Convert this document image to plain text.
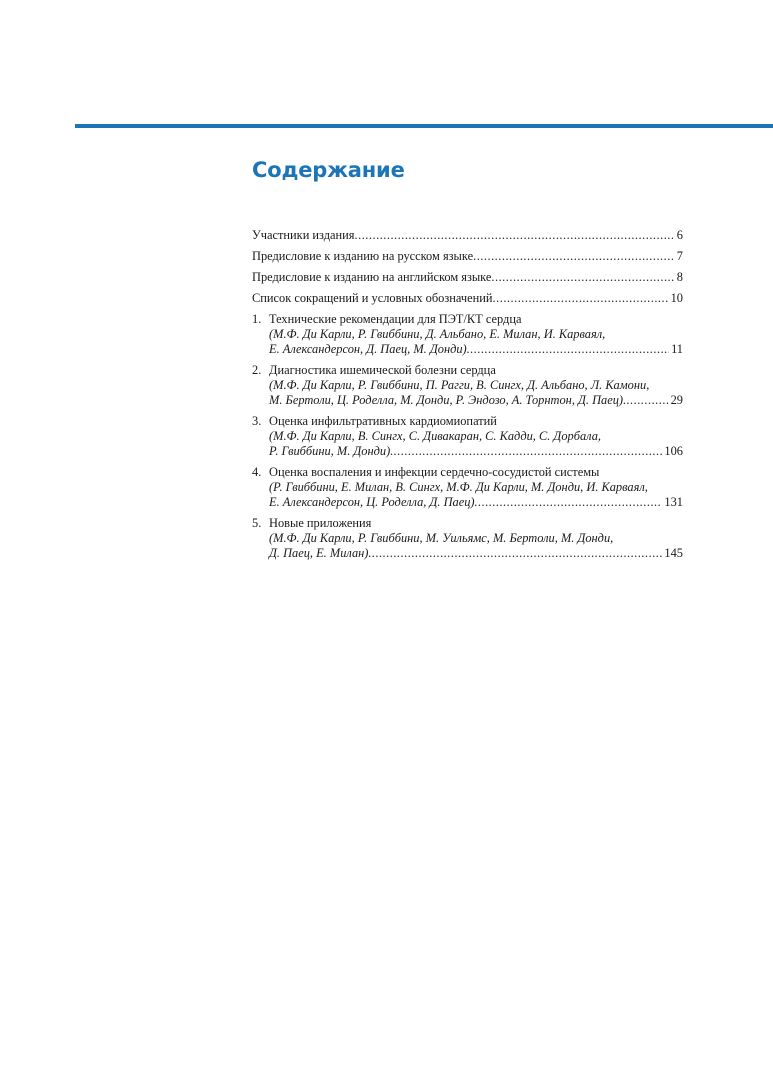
Содержание
Участники издания . . .	6
Предисловие к изданию на русском языке . . .	7
Предисловие к изданию на английском языке . . .	8
Список сокращений и условных обозначений . . .	10
1. Технические рекомендации для ПЭТ/КТ сердца
(М.Ф. Ди Карли, Р. Гвиббини, Д. Альбано, Е. Милан, И. Карваял,
Е. Александерсон, Д. Паец, М. Донди) . . .	11
2. Диагностика ишемической болезни сердца
(М.Ф. Ди Карли, Р. Гвиббини, П. Рагги, В. Сингх, Д. Альбано, Л. Камони,
М. Бертоли, Ц. Роделла, М. Донди, Р. Эндозо, А. Торнтон, Д. Паец) . . .	29
3. Оценка инфильтративных кардиомиопатий
(М.Ф. Ди Карли, В. Сингх, С. Дивакаран, С. Кадди, С. Дорбала,
Р. Гвиббини, М. Донди) . . .	106
4. Оценка воспаления и инфекции сердечно-сосудистой системы
(Р. Гвиббини, Е. Милан, В. Сингх, М.Ф. Ди Карли, М. Донди, И. Карваял,
Е. Александерсон, Ц. Роделла, Д. Паец) . . .	131
5. Новые приложения
(М.Ф. Ди Карли, Р. Гвиббини, М. Уильямс, М. Бертоли, М. Донди,
Д. Паец, Е. Милан) . . .	145
